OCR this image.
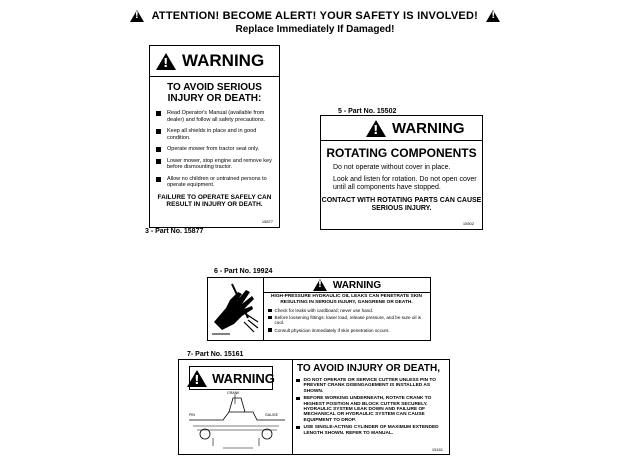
! ATTENTION! BECOME ALERT! YOUR SAFETY IS INVOLVED! !
Replace Immediately If Damaged!
!
WARNING
TO AVOID SERIOUS
INJURY OR DEATH:
Read Operator's Manual (available from dealer) and follow all safety precautions.
Keep all shields in place and in good condition.
Operate mower from tractor seat only.
Lower mower, stop engine and remove key before dismounting tractor.
Allow no children or untrained persons to operate equipment.
FAILURE TO OPERATE SAFELY CAN RESULT IN INJURY OR DEATH.
15877
3 - Part No. 15877
5 - Part No. 15502
!
WARNING
ROTATING COMPONENTS

Do not operate without cover in place.

Look and listen for rotation. Do not open cover until all components have stopped.

CONTACT WITH ROTATING PARTS CAN CAUSE SERIOUS INJURY.
15502
6 - Part No. 19924
!
WARNING
HIGH-PRESSURE HYDRAULIC OIL LEAKS CAN PENETRATE SKIN RESULTING IN SERIOUS INJURY, GANGRENE OR DEATH.
Check for leaks with cardboard; never use hand.
Before loosening fittings: lower load, release pressure, and be sure oil is cool.
Consult physician immediately if skin penetration occurs.
7- Part No. 15161
!
WARNING
CRANK
PIN	GAUGE
TO AVOID INJURY OR DEATH,
DO NOT OPERATE OR SERVICE CUTTER UNLESS PIN TO PREVENT CRANK DISENGAGEMENT IS INSTALLED AS SHOWN.
BEFORE WORKING UNDERNEATH, ROTATE CRANK TO HIGHEST POSITION AND BLOCK CUTTER SECURELY. HYDRAULIC SYSTEM LEAK DOWN AND FAILURE OF MECHANICAL OR HYDRAULIC SYSTEM CAN CAUSE EQUIPMENT TO DROP.
USE SINGLE-ACTING CYLINDER OF MAXIMUM EXTENDED LENGTH SHOWN. REFER TO MANUAL.
15161
